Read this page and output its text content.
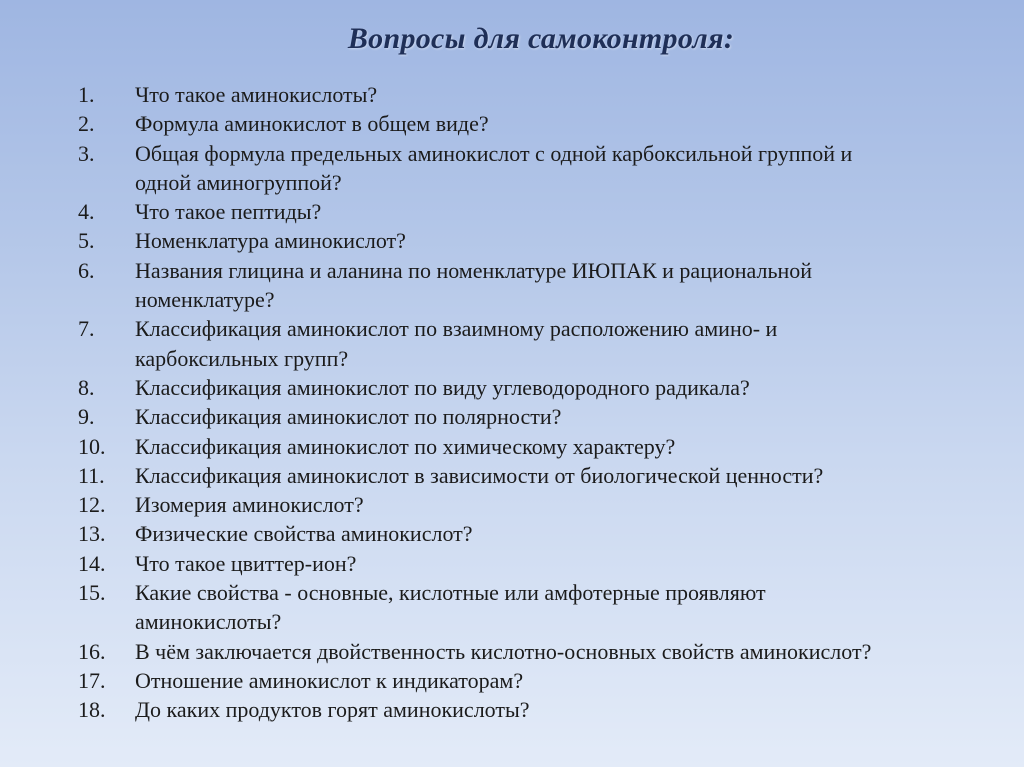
Вопросы для самоконтроля:
1.	Что такое аминокислоты?
2.	Формула аминокислот в общем виде?
3.	Общая формула предельных аминокислот с одной карбоксильной группой и
одной аминогруппой?
4.	Что такое пептиды?
5.	Номенклатура аминокислот?
6.	Названия глицина и аланина по номенклатуре ИЮПАК и рациональной
номенклатуре?
7.	Классификация аминокислот по взаимному расположению амино- и
карбоксильных групп?
8.	Классификация аминокислот по виду углеводородного радикала?
9.	Классификация аминокислот по полярности?
10.	Классификация аминокислот по химическому характеру?
11.	Классификация аминокислот в зависимости от биологической ценности?
12.	Изомерия аминокислот?
13.	Физические свойства аминокислот?
14.	Что такое цвиттер-ион?
15.	Какие свойства - основные, кислотные или амфотерные проявляют
аминокислоты?
16.	В чём заключается двойственность кислотно-основных свойств аминокислот?
17.	Отношение аминокислот к индикаторам?
18.	До каких продуктов горят аминокислоты?
